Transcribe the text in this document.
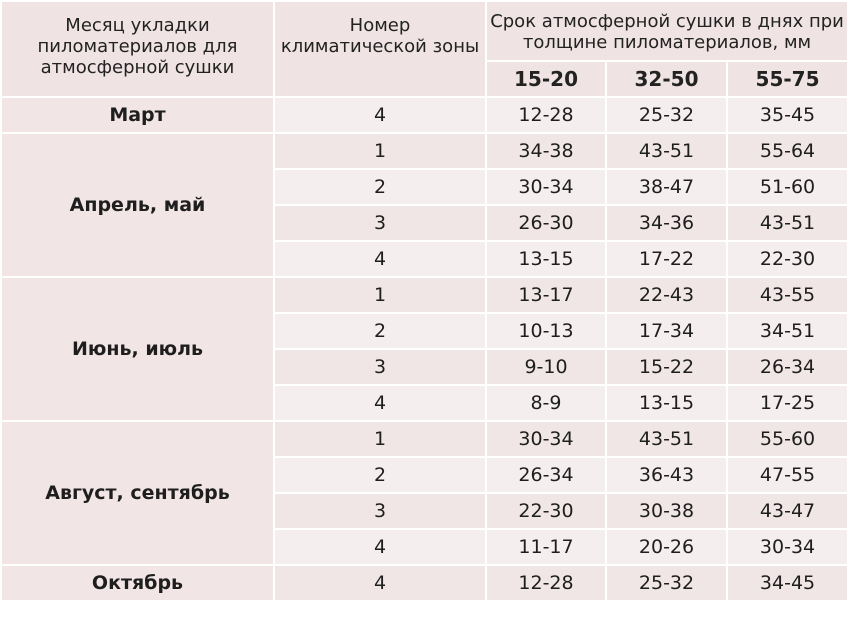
Месяц укладки пиломатериалов для атмосферной сушки	Номер климатической зоны	Срок атмосферной сушки в днях при толщине пиломатериалов, мм		
		15-20	32-50	55-75
Март	4	12-28	25-32	35-45
Апрель, май	1	34-38	43-51	55-64
	2	30-34	38-47	51-60
	3	26-30	34-36	43-51
	4	13-15	17-22	22-30
Июнь, июль	1	13-17	22-43	43-55
	2	10-13	17-34	34-51
	3	9-10	15-22	26-34
	4	8-9	13-15	17-25
Август, сентябрь	1	30-34	43-51	55-60
	2	26-34	36-43	47-55
	3	22-30	30-38	43-47
	4	11-17	20-26	30-34
Октябрь	4	12-28	25-32	34-45
